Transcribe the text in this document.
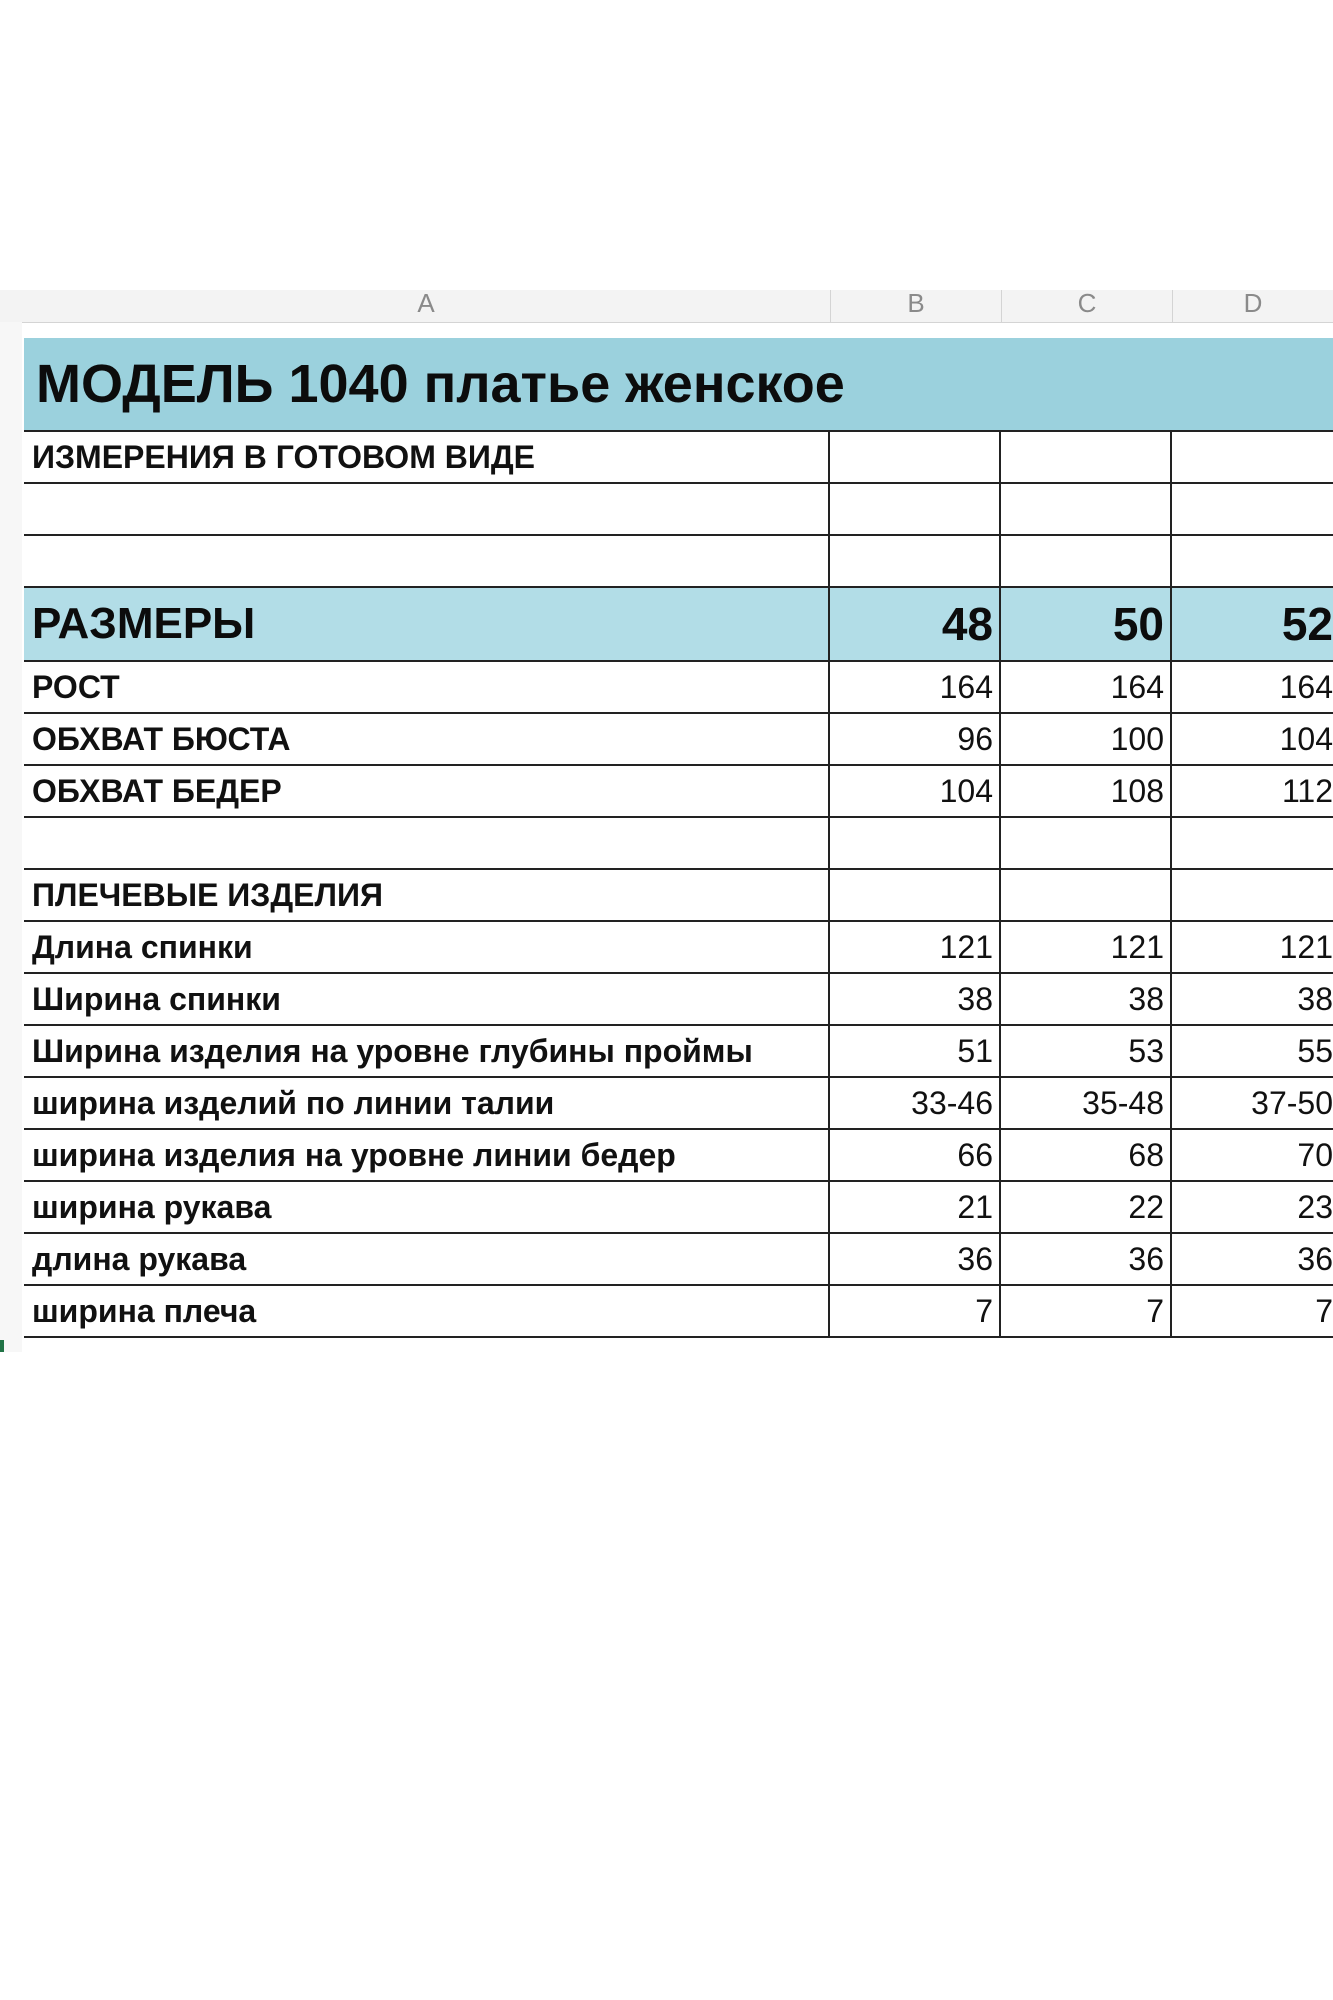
A	B	C	D
МОДЕЛЬ 1040 платье женское
ИЗМЕРЕНИЯ В ГОТОВОМ ВИДЕ
РАЗМЕРЫ	48	50	52
РОСТ	164	164	164
ОБХВАТ БЮСТА	96	100	104
ОБХВАТ БЕДЕР	104	108	112
ПЛЕЧЕВЫЕ ИЗДЕЛИЯ
Длина спинки	121	121	121
Ширина спинки	38	38	38
Ширина изделия на уровне глубины проймы	51	53	55
ширина изделий по линии талии	33-46	35-48	37-50
ширина изделия на уровне линии бедер	66	68	70
ширина рукава	21	22	23
длина рукава	36	36	36
ширина плеча	7	7	7
